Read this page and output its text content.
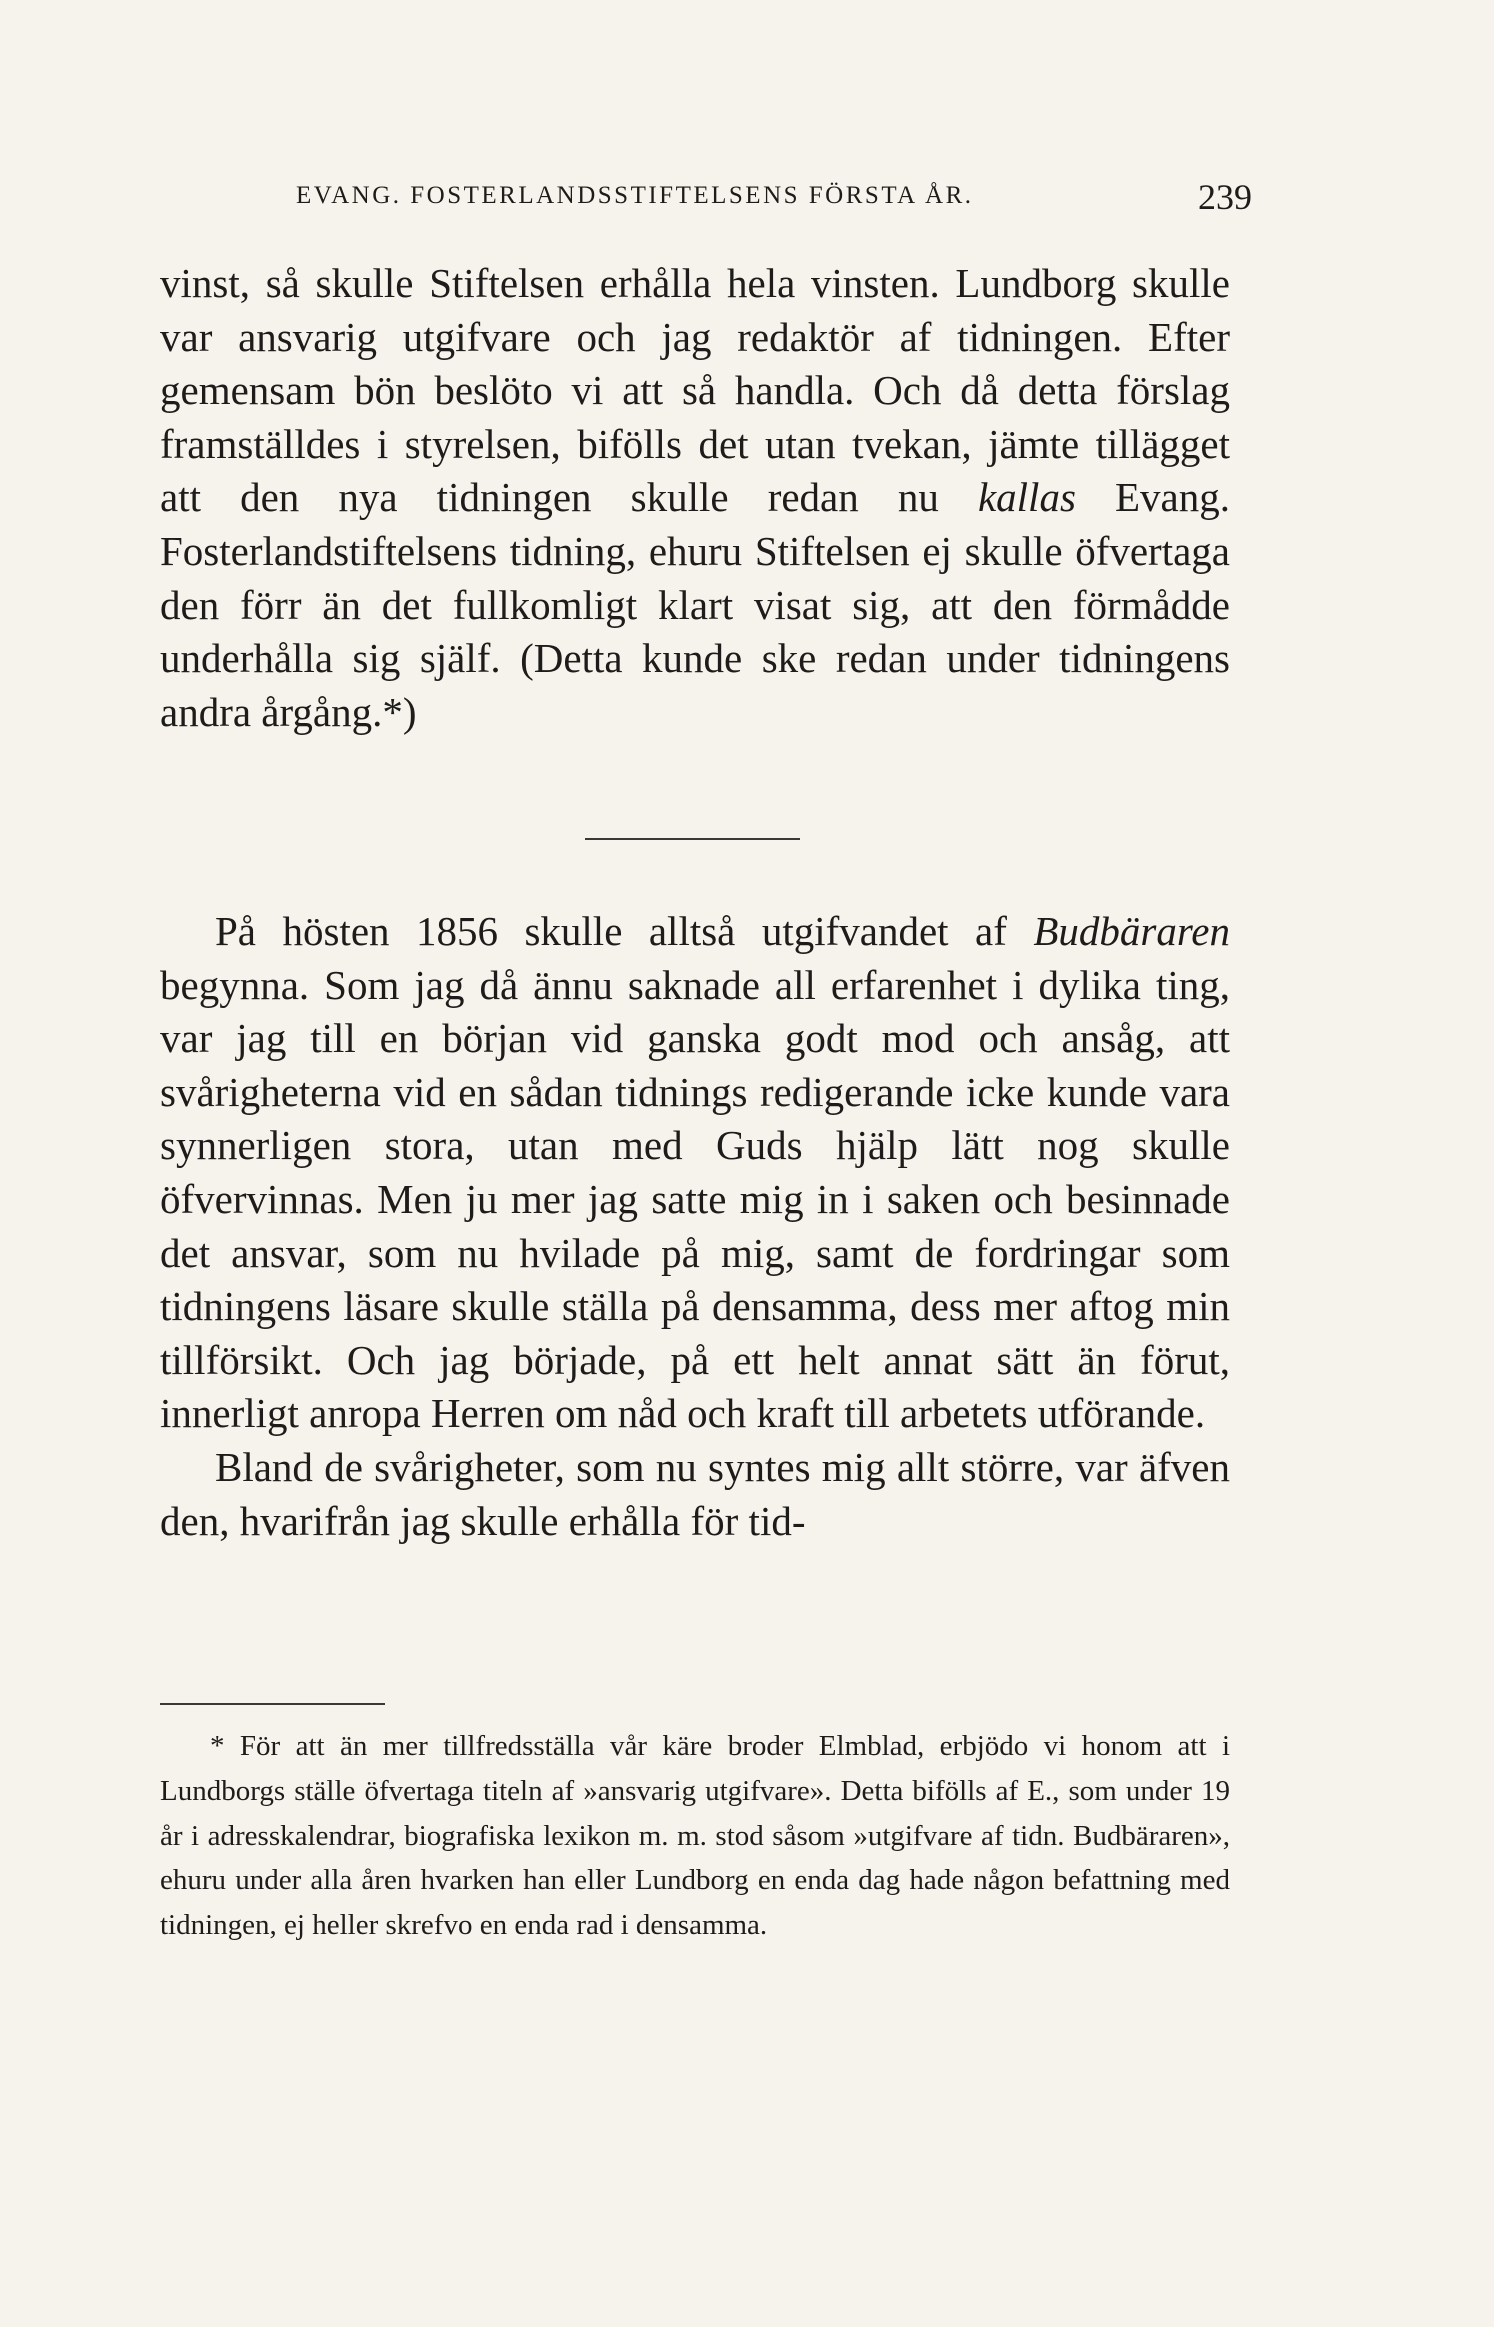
EVANG. FOSTERLANDSSTIFTELSENS FÖRSTA ÅR.	239

vinst, så skulle Stiftelsen erhålla hela vinsten. Lundborg skulle var ansvarig utgifvare och jag redaktör af tidningen. Efter gemensam bön beslöto vi att så handla. Och då detta förslag framställdes i styrelsen, bifölls det utan tvekan, jämte tillägget att den nya tidningen skulle redan nu kallas Evang. Fosterlandstiftelsens tidning, ehuru Stiftelsen ej skulle öfvertaga den förr än det fullkomligt klart visat sig, att den förmådde underhålla sig själf. (Detta kunde ske redan under tidningens andra årgång.*)

På hösten 1856 skulle alltså utgifvandet af Budbäraren begynna. Som jag då ännu saknade all erfarenhet i dylika ting, var jag till en början vid ganska godt mod och ansåg, att svårigheterna vid en sådan tidnings redigerande icke kunde vara synnerligen stora, utan med Guds hjälp lätt nog skulle öfvervinnas. Men ju mer jag satte mig in i saken och besinnade det ansvar, som nu hvilade på mig, samt de fordringar som tidningens läsare skulle ställa på densamma, dess mer aftog min tillförsikt. Och jag började, på ett helt annat sätt än förut, innerligt anropa Herren om nåd och kraft till arbetets utförande.

Bland de svårigheter, som nu syntes mig allt större, var äfven den, hvarifrån jag skulle erhålla för tid-

* För att än mer tillfredsställa vår käre broder Elmblad, erbjödo vi honom att i Lundborgs ställe öfvertaga titeln af »ansvarig utgifvare». Detta bifölls af E., som under 19 år i adresskalendrar, biografiska lexikon m. m. stod såsom »utgifvare af tidn. Budbäraren», ehuru under alla åren hvarken han eller Lundborg en enda dag hade någon befattning med tidningen, ej heller skrefvo en enda rad i densamma.
